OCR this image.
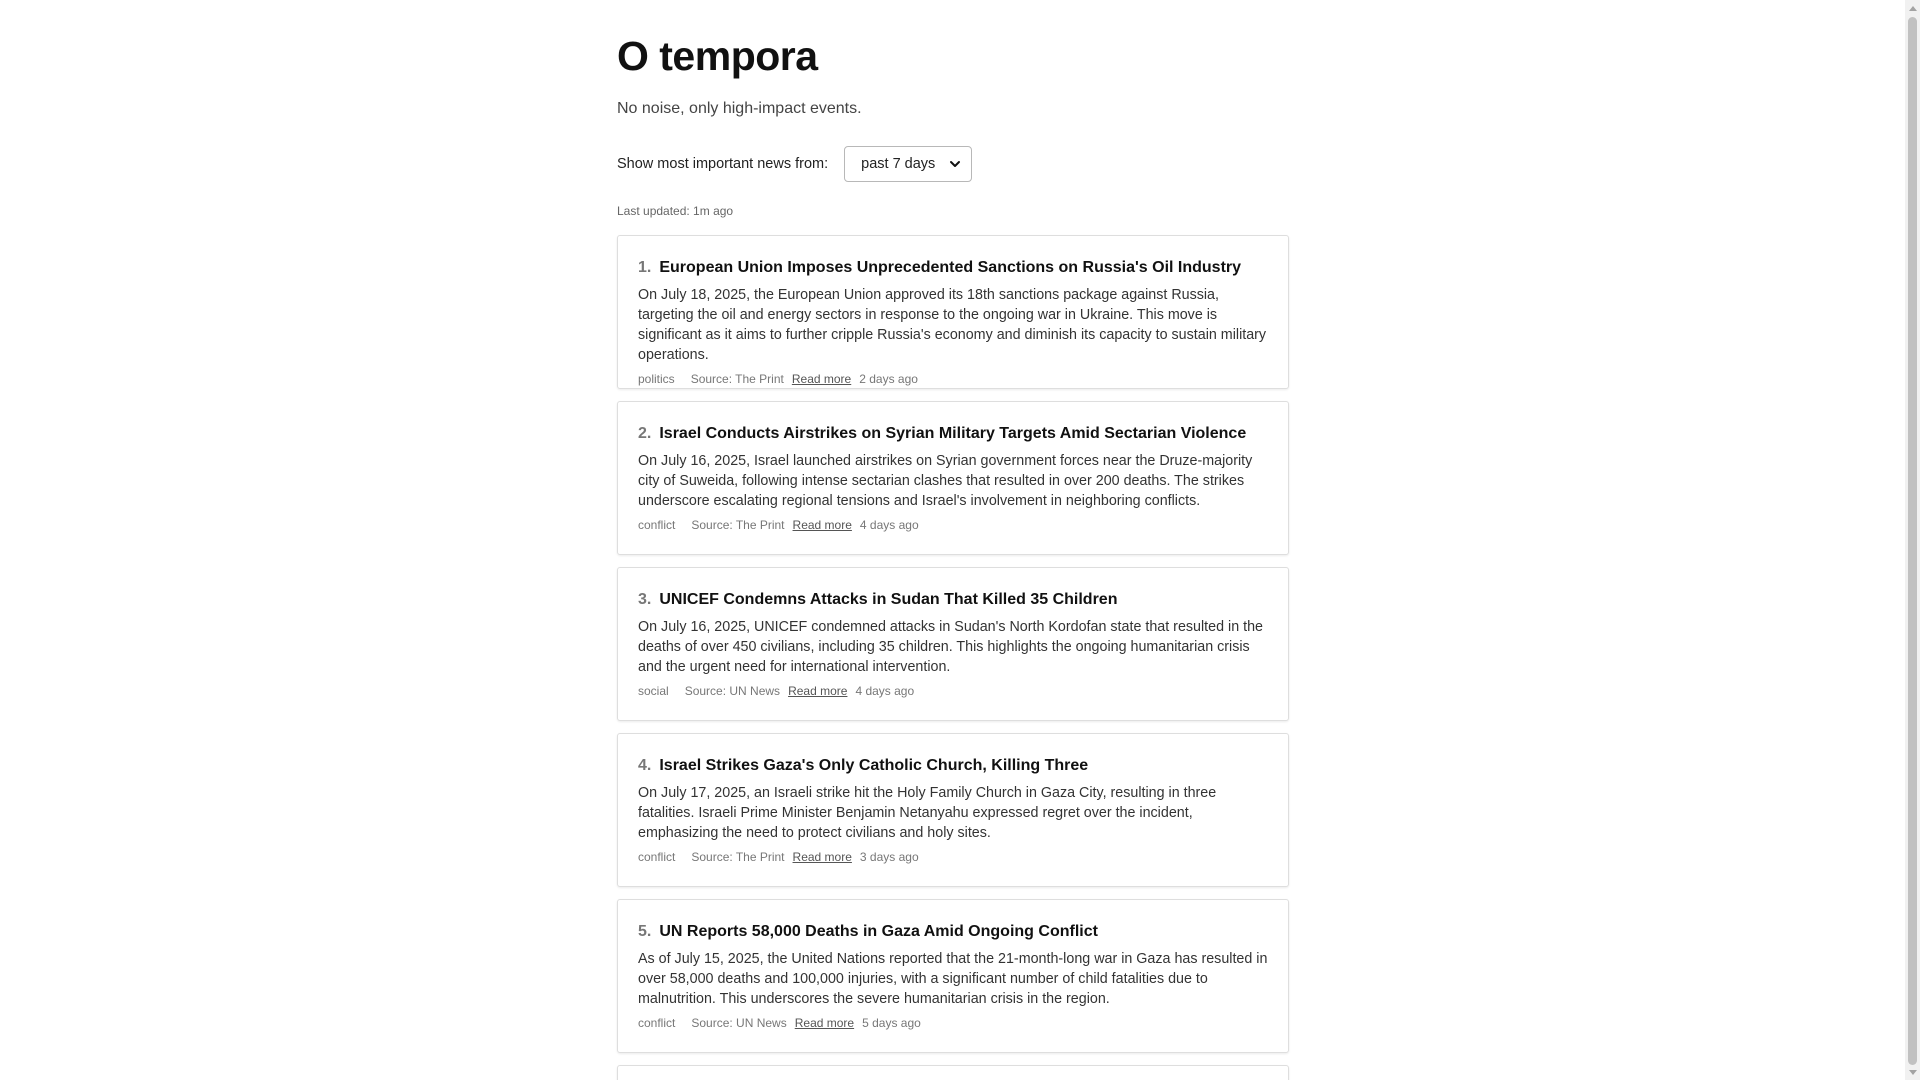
O tempora
No noise, only high-impact events.
Show most important news from: past 7 days
Last updated: 1m ago
1. European Union Imposes Unprecedented Sanctions on Russia's Oil Industry
On July 18, 2025, the European Union approved its 18th sanctions package against Russia, targeting the oil and energy sectors in response to the ongoing war in Ukraine. This move is significant as it aims to further cripple Russia's economy and diminish its capacity to sustain military operations.
politics Source: The Print Read more 2 days ago
2. Israel Conducts Airstrikes on Syrian Military Targets Amid Sectarian Violence
On July 16, 2025, Israel launched airstrikes on Syrian government forces near the Druze-majority city of Suweida, following intense sectarian clashes that resulted in over 200 deaths. The strikes underscore escalating regional tensions and Israel's involvement in neighboring conflicts.
conflict Source: The Print Read more 4 days ago
3. UNICEF Condemns Attacks in Sudan That Killed 35 Children
On July 16, 2025, UNICEF condemned attacks in Sudan's North Kordofan state that resulted in the deaths of over 450 civilians, including 35 children. This highlights the ongoing humanitarian crisis and the urgent need for international intervention.
social Source: UN News Read more 4 days ago
4. Israel Strikes Gaza's Only Catholic Church, Killing Three
On July 17, 2025, an Israeli strike hit the Holy Family Church in Gaza City, resulting in three fatalities. Israeli Prime Minister Benjamin Netanyahu expressed regret over the incident, emphasizing the need to protect civilians and holy sites.
conflict Source: The Print Read more 3 days ago
5. UN Reports 58,000 Deaths in Gaza Amid Ongoing Conflict
As of July 15, 2025, the United Nations reported that the 21-month-long war in Gaza has resulted in over 58,000 deaths and 100,000 injuries, with a significant number of child fatalities due to malnutrition. This underscores the severe humanitarian crisis in the region.
conflict Source: UN News Read more 5 days ago
